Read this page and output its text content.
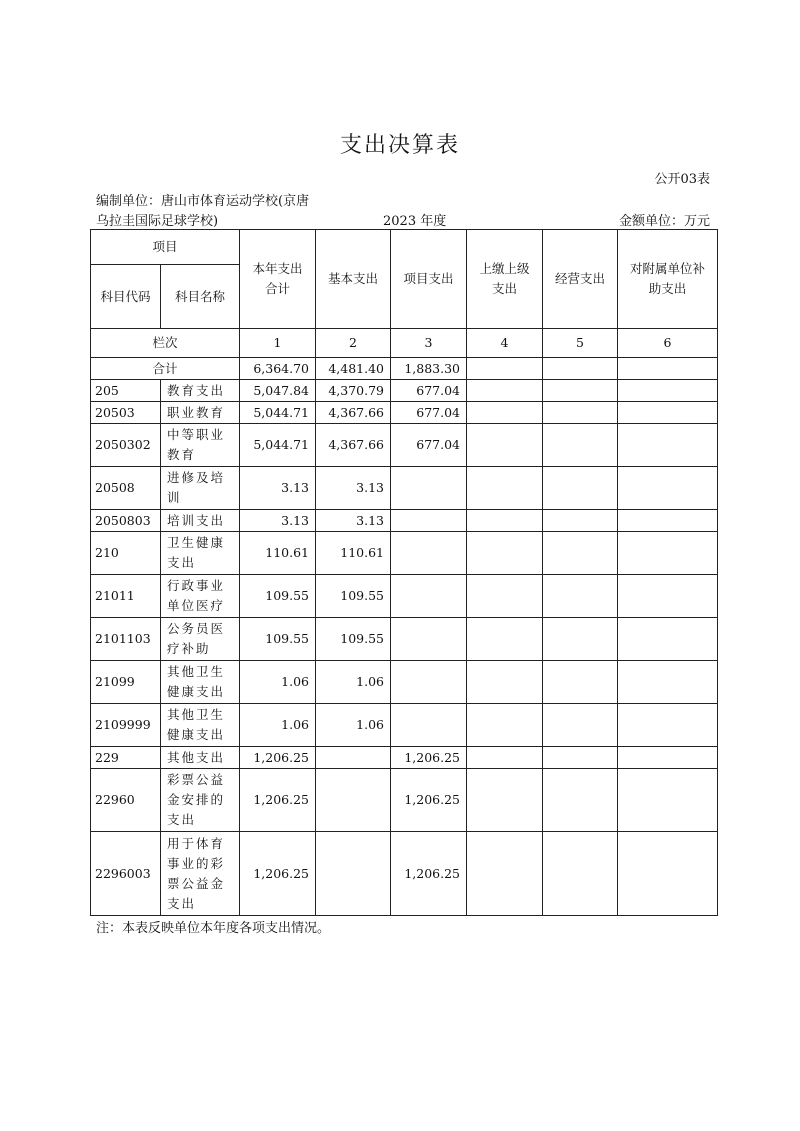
支出决算表
公开03表
编制单位：唐山市体育运动学校(京唐
乌拉圭国际足球学校)	2023 年度	金额单位：万元
项目		本年支出合计	基本支出	项目支出	上缴上级支出	经营支出	对附属单位补助支出
科目代码	科目名称						
栏次		1	2	3	4	5	6
合计		6,364.70	4,481.40	1,883.30			
205	教育支出	5,047.84	4,370.79	677.04			
20503	职业教育	5,044.71	4,367.66	677.04			
2050302	中等职业教育	5,044.71	4,367.66	677.04			
20508	进修及培训	3.13	3.13				
2050803	培训支出	3.13	3.13				
210	卫生健康支出	110.61	110.61				
21011	行政事业单位医疗	109.55	109.55				
2101103	公务员医疗补助	109.55	109.55				
21099	其他卫生健康支出	1.06	1.06				
2109999	其他卫生健康支出	1.06	1.06				
229	其他支出	1,206.25		1,206.25			
22960	彩票公益金安排的支出	1,206.25		1,206.25			
2296003	用于体育事业的彩票公益金支出	1,206.25		1,206.25			
注：本表反映单位本年度各项支出情况。
